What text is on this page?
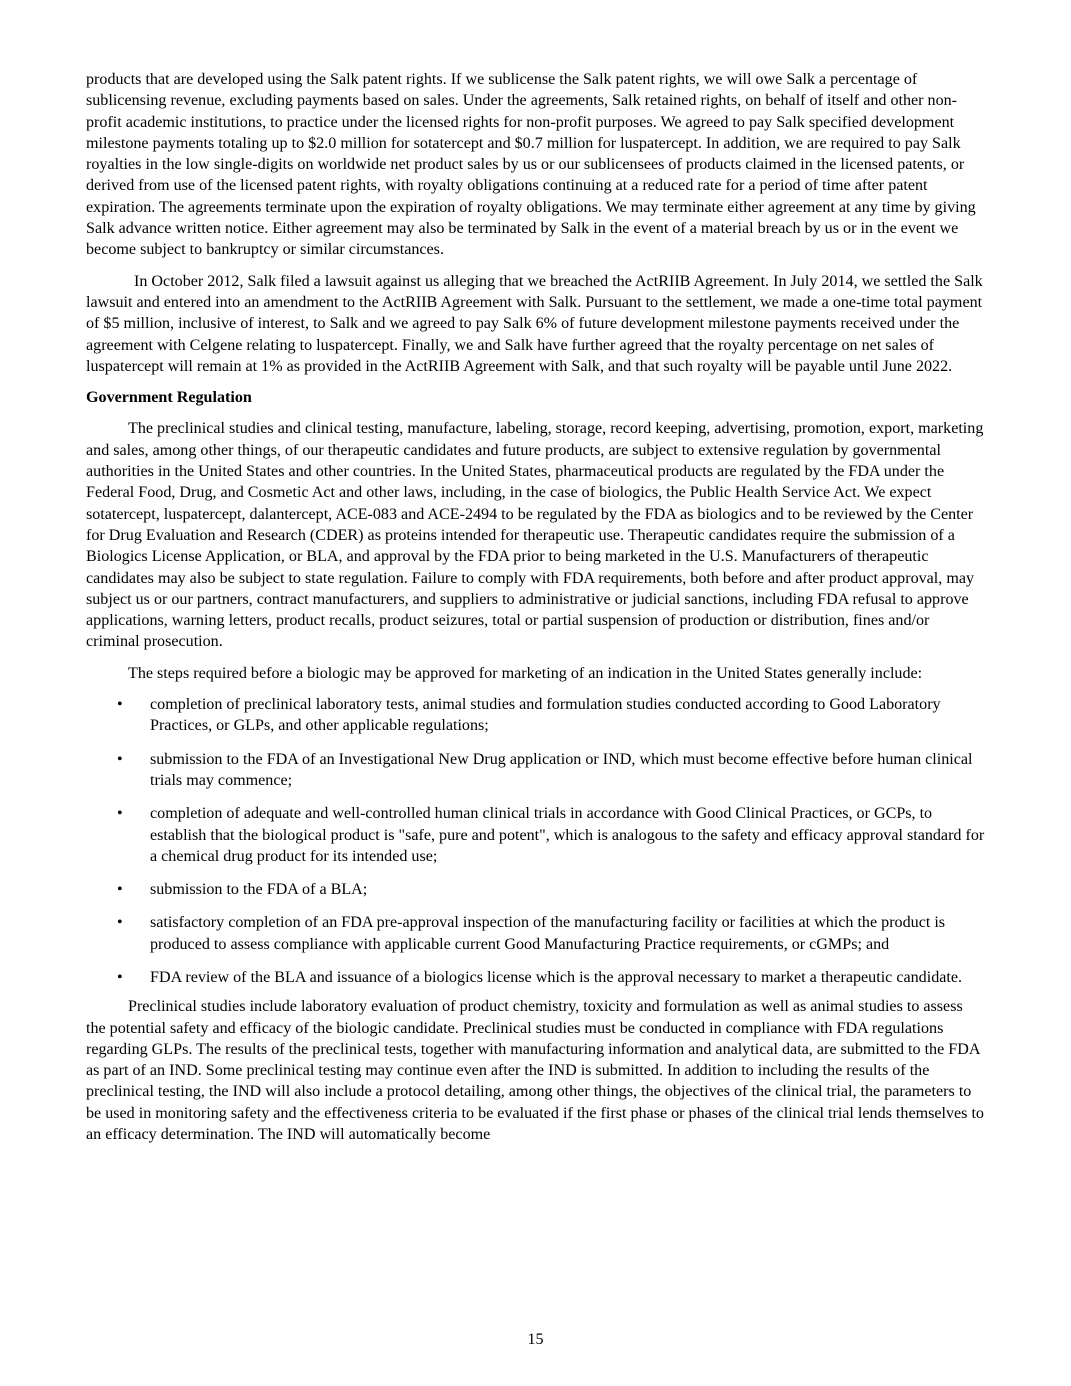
products that are developed using the Salk patent rights. If we sublicense the Salk patent rights, we will owe Salk a percentage of sublicensing revenue, excluding payments based on sales. Under the agreements, Salk retained rights, on behalf of itself and other non-profit academic institutions, to practice under the licensed rights for non-profit purposes. We agreed to pay Salk specified development milestone payments totaling up to $2.0 million for sotatercept and $0.7 million for luspatercept. In addition, we are required to pay Salk royalties in the low single-digits on worldwide net product sales by us or our sublicensees of products claimed in the licensed patents, or derived from use of the licensed patent rights, with royalty obligations continuing at a reduced rate for a period of time after patent expiration. The agreements terminate upon the expiration of royalty obligations. We may terminate either agreement at any time by giving Salk advance written notice. Either agreement may also be terminated by Salk in the event of a material breach by us or in the event we become subject to bankruptcy or similar circumstances.

In October 2012, Salk filed a lawsuit against us alleging that we breached the ActRIIB Agreement. In July 2014, we settled the Salk lawsuit and entered into an amendment to the ActRIIB Agreement with Salk. Pursuant to the settlement, we made a one-time total payment of $5 million, inclusive of interest, to Salk and we agreed to pay Salk 6% of future development milestone payments received under the agreement with Celgene relating to luspatercept. Finally, we and Salk have further agreed that the royalty percentage on net sales of luspatercept will remain at 1% as provided in the ActRIIB Agreement with Salk, and that such royalty will be payable until June 2022.

Government Regulation

The preclinical studies and clinical testing, manufacture, labeling, storage, record keeping, advertising, promotion, export, marketing and sales, among other things, of our therapeutic candidates and future products, are subject to extensive regulation by governmental authorities in the United States and other countries. In the United States, pharmaceutical products are regulated by the FDA under the Federal Food, Drug, and Cosmetic Act and other laws, including, in the case of biologics, the Public Health Service Act. We expect sotatercept, luspatercept, dalantercept, ACE-083 and ACE-2494 to be regulated by the FDA as biologics and to be reviewed by the Center for Drug Evaluation and Research (CDER) as proteins intended for therapeutic use. Therapeutic candidates require the submission of a Biologics License Application, or BLA, and approval by the FDA prior to being marketed in the U.S. Manufacturers of therapeutic candidates may also be subject to state regulation. Failure to comply with FDA requirements, both before and after product approval, may subject us or our partners, contract manufacturers, and suppliers to administrative or judicial sanctions, including FDA refusal to approve applications, warning letters, product recalls, product seizures, total or partial suspension of production or distribution, fines and/or criminal prosecution.

The steps required before a biologic may be approved for marketing of an indication in the United States generally include:

• completion of preclinical laboratory tests, animal studies and formulation studies conducted according to Good Laboratory Practices, or GLPs, and other applicable regulations;
• submission to the FDA of an Investigational New Drug application or IND, which must become effective before human clinical trials may commence;
• completion of adequate and well-controlled human clinical trials in accordance with Good Clinical Practices, or GCPs, to establish that the biological product is "safe, pure and potent", which is analogous to the safety and efficacy approval standard for a chemical drug product for its intended use;
• submission to the FDA of a BLA;
• satisfactory completion of an FDA pre-approval inspection of the manufacturing facility or facilities at which the product is produced to assess compliance with applicable current Good Manufacturing Practice requirements, or cGMPs; and
• FDA review of the BLA and issuance of a biologics license which is the approval necessary to market a therapeutic candidate.

Preclinical studies include laboratory evaluation of product chemistry, toxicity and formulation as well as animal studies to assess the potential safety and efficacy of the biologic candidate. Preclinical studies must be conducted in compliance with FDA regulations regarding GLPs. The results of the preclinical tests, together with manufacturing information and analytical data, are submitted to the FDA as part of an IND. Some preclinical testing may continue even after the IND is submitted. In addition to including the results of the preclinical testing, the IND will also include a protocol detailing, among other things, the objectives of the clinical trial, the parameters to be used in monitoring safety and the effectiveness criteria to be evaluated if the first phase or phases of the clinical trial lends themselves to an efficacy determination. The IND will automatically become

15
